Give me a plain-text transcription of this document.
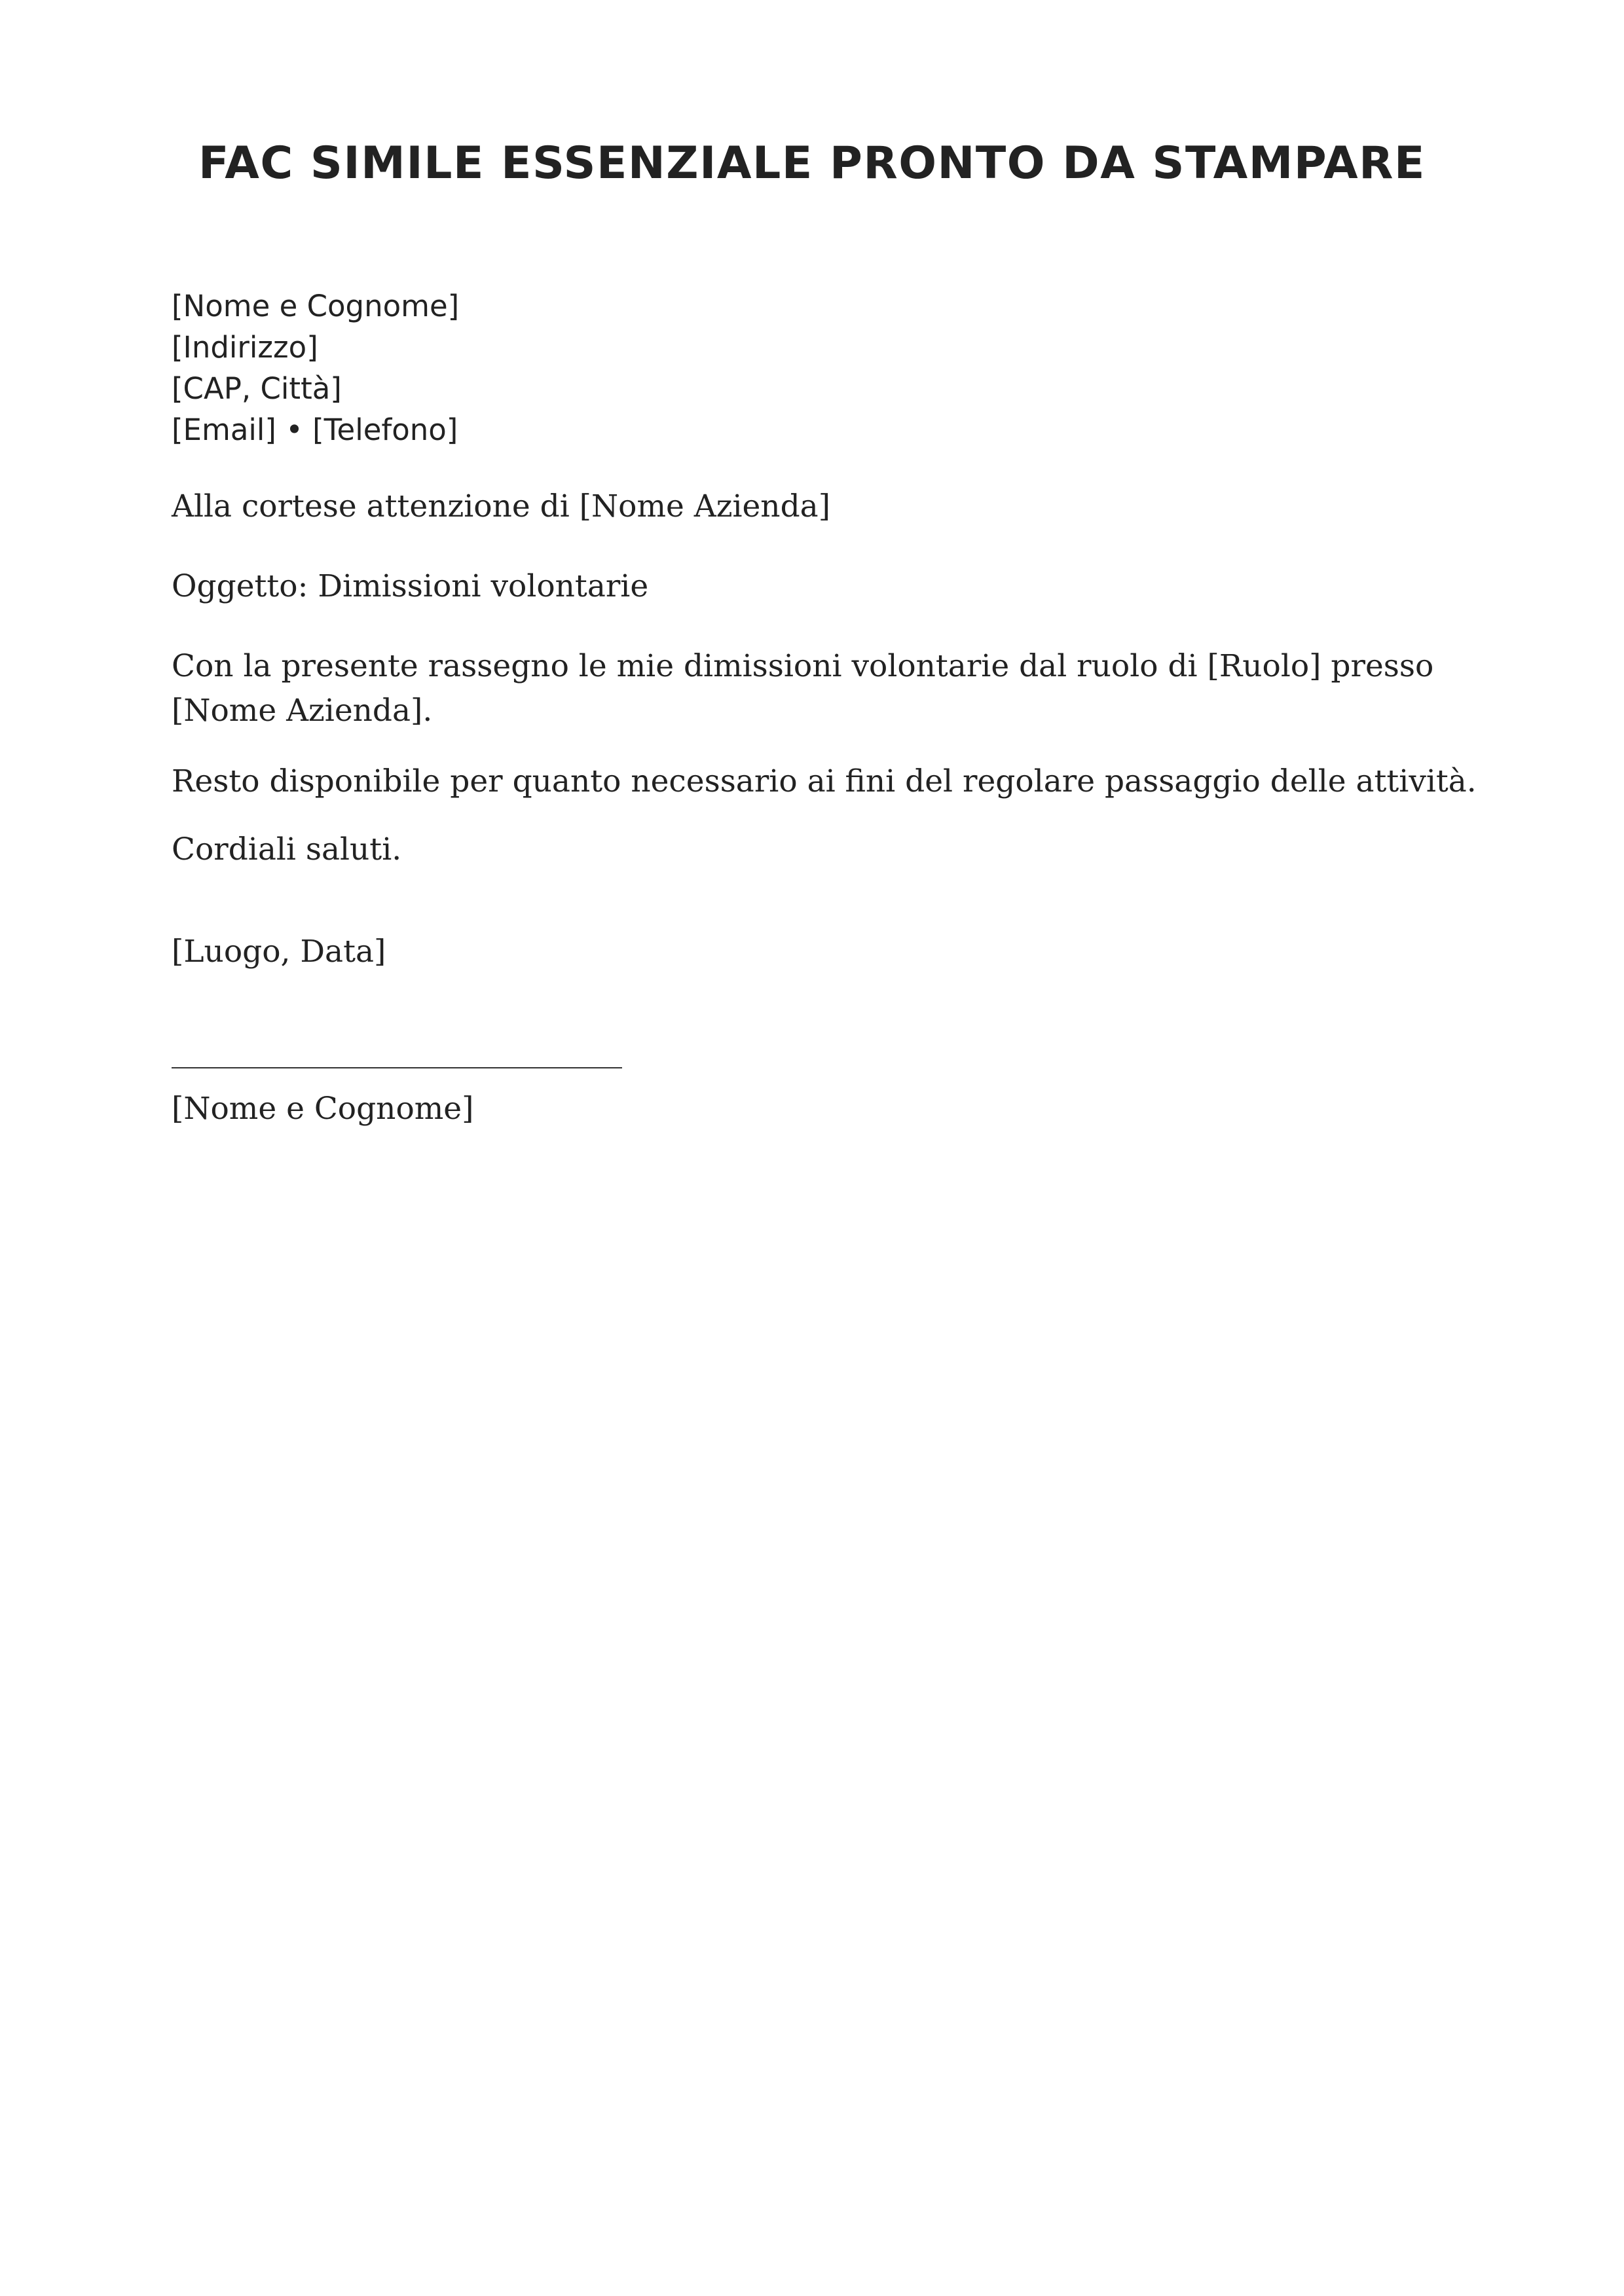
FAC SIMILE ESSENZIALE PRONTO DA STAMPARE
[Nome e Cognome]
[Indirizzo]
[CAP, Città]
[Email] • [Telefono]

Alla cortese attenzione di [Nome Azienda]

Oggetto: Dimissioni volontarie

Con la presente rassegno le mie dimissioni volontarie dal ruolo di [Ruolo] presso [Nome Azienda].

Resto disponibile per quanto necessario ai fini del regolare passaggio delle attività.

Cordiali saluti.

[Luogo, Data]

[Nome e Cognome]
